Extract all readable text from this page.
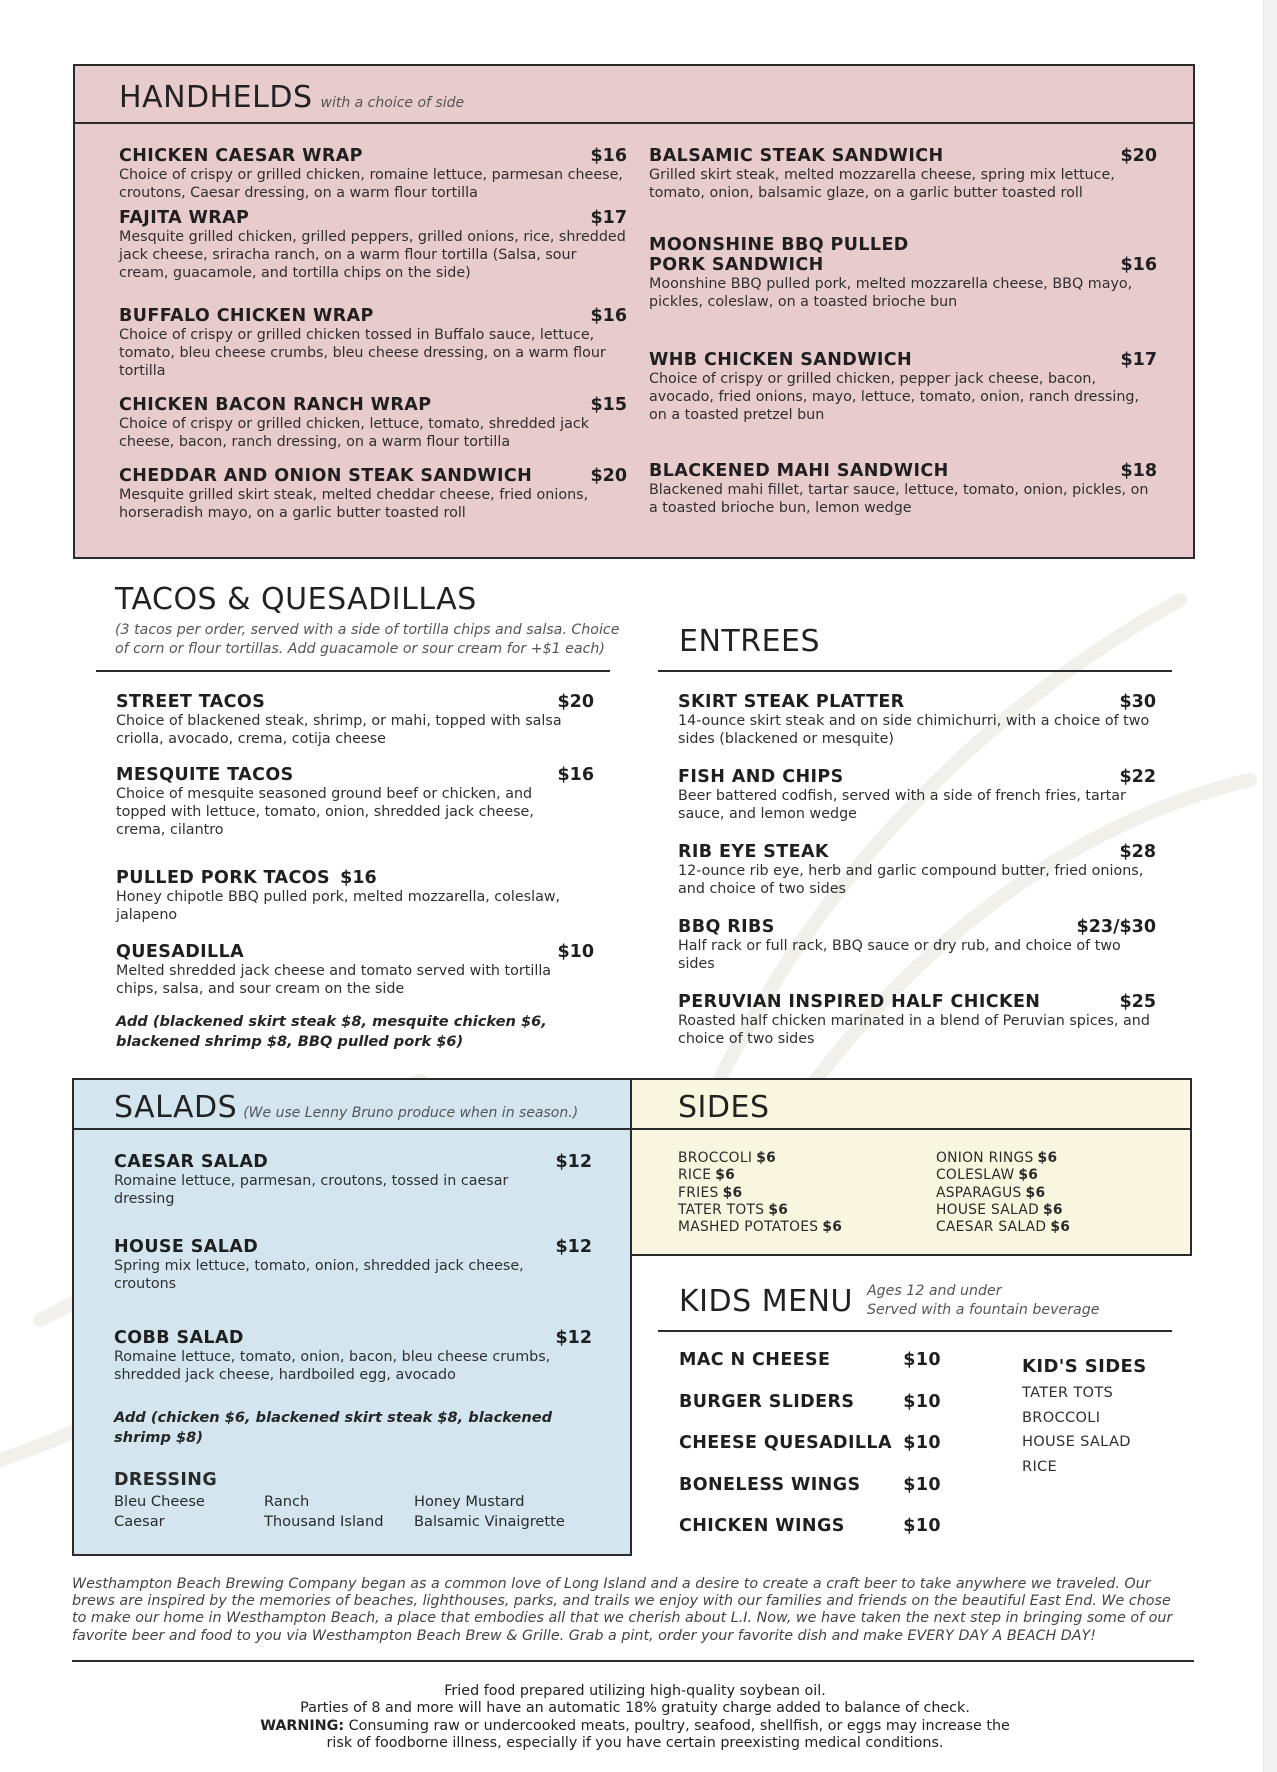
HANDHELDS with a choice of side
CHICKEN CAESAR WRAP	$16
Choice of crispy or grilled chicken, romaine lettuce, parmesan cheese, croutons, Caesar dressing, on a warm flour tortilla
FAJITA WRAP	$17
Mesquite grilled chicken, grilled peppers, grilled onions, rice, shredded jack cheese, sriracha ranch, on a warm flour tortilla (Salsa, sour cream, guacamole, and tortilla chips on the side)
BUFFALO CHICKEN WRAP	$16
Choice of crispy or grilled chicken tossed in Buffalo sauce, lettuce, tomato, bleu cheese crumbs, bleu cheese dressing, on a warm flour tortilla
CHICKEN BACON RANCH WRAP	$15
Choice of crispy or grilled chicken, lettuce, tomato, shredded jack cheese, bacon, ranch dressing, on a warm flour tortilla
CHEDDAR AND ONION STEAK SANDWICH	$20
Mesquite grilled skirt steak, melted cheddar cheese, fried onions, horseradish mayo, on a garlic butter toasted roll
BALSAMIC STEAK SANDWICH	$20
Grilled skirt steak, melted mozzarella cheese, spring mix lettuce, tomato, onion, balsamic glaze, on a garlic butter toasted roll
MOONSHINE BBQ PULLED
PORK SANDWICH	$16
Moonshine BBQ pulled pork, melted mozzarella cheese, BBQ mayo, pickles, coleslaw, on a toasted brioche bun
WHB CHICKEN SANDWICH	$17
Choice of crispy or grilled chicken, pepper jack cheese, bacon, avocado, fried onions, mayo, lettuce, tomato, onion, ranch dressing, on a toasted pretzel bun
BLACKENED MAHI SANDWICH	$18
Blackened mahi fillet, tartar sauce, lettuce, tomato, onion, pickles, on a toasted brioche bun, lemon wedge
TACOS & QUESADILLAS
(3 tacos per order, served with a side of tortilla chips and salsa. Choice
of corn or flour tortillas. Add guacamole or sour cream for +$1 each)
STREET TACOS	$20
Choice of blackened steak, shrimp, or mahi, topped with salsa criolla, avocado, crema, cotija cheese
MESQUITE TACOS	$16
Choice of mesquite seasoned ground beef or chicken, and topped with lettuce, tomato, onion, shredded jack cheese, crema, cilantro
PULLED PORK TACOS $16
Honey chipotle BBQ pulled pork, melted mozzarella, coleslaw, jalapeno
QUESADILLA	$10
Melted shredded jack cheese and tomato served with tortilla chips, salsa, and sour cream on the side
Add (blackened skirt steak $8, mesquite chicken $6,
blackened shrimp $8, BBQ pulled pork $6)
ENTREES
SKIRT STEAK PLATTER	$30
14-ounce skirt steak and on side chimichurri, with a choice of two sides (blackened or mesquite)
FISH AND CHIPS	$22
Beer battered codfish, served with a side of french fries, tartar sauce, and lemon wedge
RIB EYE STEAK	$28
12-ounce rib eye, herb and garlic compound butter, fried onions, and choice of two sides
BBQ RIBS	$23/$30
Half rack or full rack, BBQ sauce or dry rub, and choice of two sides
PERUVIAN INSPIRED HALF CHICKEN	$25
Roasted half chicken marinated in a blend of Peruvian spices, and choice of two sides
SALADS (We use Lenny Bruno produce when in season.)
CAESAR SALAD	$12
Romaine lettuce, parmesan, croutons, tossed in caesar dressing
HOUSE SALAD	$12
Spring mix lettuce, tomato, onion, shredded jack cheese, croutons
COBB SALAD	$12
Romaine lettuce, tomato, onion, bacon, bleu cheese crumbs, shredded jack cheese, hardboiled egg, avocado
Add (chicken $6, blackened skirt steak $8, blackened
shrimp $8)
DRESSING
Bleu Cheese	Ranch	Honey Mustard
Caesar	Thousand Island	Balsamic Vinaigrette
SIDES
BROCCOLI $6
RICE $6
FRIES $6
TATER TOTS $6
MASHED POTATOES $6
ONION RINGS $6
COLESLAW $6
ASPARAGUS $6
HOUSE SALAD $6
CAESAR SALAD $6
KIDS MENU Ages 12 and under
Served with a fountain beverage
MAC N CHEESE	$10
BURGER SLIDERS	$10
CHEESE QUESADILLA $10
BONELESS WINGS $10
CHICKEN WINGS	$10
KID'S SIDES
TATER TOTS
BROCCOLI
HOUSE SALAD
RICE
Westhampton Beach Brewing Company began as a common love of Long Island and a desire to create a craft beer to take anywhere we traveled. Our
brews are inspired by the memories of beaches, lighthouses, parks, and trails we enjoy with our families and friends on the beautiful East End. We chose
to make our home in Westhampton Beach, a place that embodies all that we cherish about L.I. Now, we have taken the next step in bringing some of our
favorite beer and food to you via Westhampton Beach Brew & Grille. Grab a pint, order your favorite dish and make EVERY DAY A BEACH DAY!
Fried food prepared utilizing high-quality soybean oil.
Parties of 8 and more will have an automatic 18% gratuity charge added to balance of check.
WARNING: Consuming raw or undercooked meats, poultry, seafood, shellfish, or eggs may increase the
risk of foodborne illness, especially if you have certain preexisting medical conditions.
